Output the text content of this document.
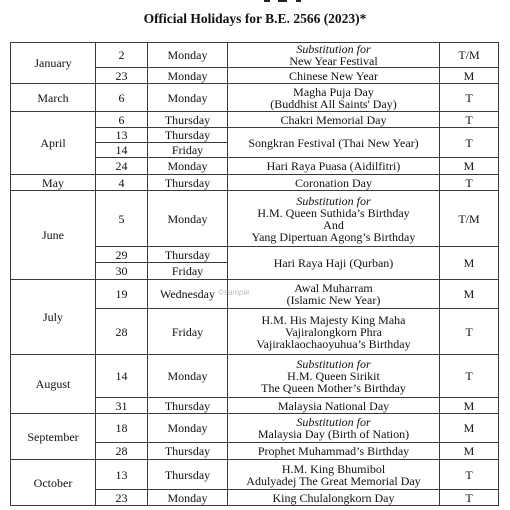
Official Holidays for B.E. 2566 (2023)*
January	2	Monday	Substitution for
New Year Festival	T/M
	23	Monday	Chinese New Year	M
March	6	Monday	Magha Puja Day
(Buddhist All Saints' Day)	T
April	6	Thursday	Chakri Memorial Day	T
	13	Thursday	Songkran Festival (Thai New Year)	T
	14	Friday		
	24	Monday	Hari Raya Puasa (Aidilfitri)	M
May	4	Thursday	Coronation Day	T
June	5	Monday	Substitution for
H.M. Queen Suthida’s Birthday
And
Yang Dipertuan Agong’s Birthday	T/M
	29	Thursday	Hari Raya Haji (Qurban)	M
	30	Friday		
July	19	Wednesday	Awal Muharram
(Islamic New Year)	M
	28	Friday	H.M. His Majesty King Maha
Vajiralongkorn Phra
Vajiraklaochaoyuhua’s Birthday	T
August	14	Monday	Substitution for
H.M. Queen Sirikit
The Queen Mother’s Birthday	T
	31	Thursday	Malaysia National Day	M
September	18	Monday	Substitution for
Malaysia Day (Birth of Nation)	M
	28	Thursday	Prophet Muhammad’s Birthday	M
October	13	Thursday	H.M. King Bhumibol
Adulyadej The Great Memorial Day	T
	23	Monday	King Chulalongkorn Day	T
©sample
